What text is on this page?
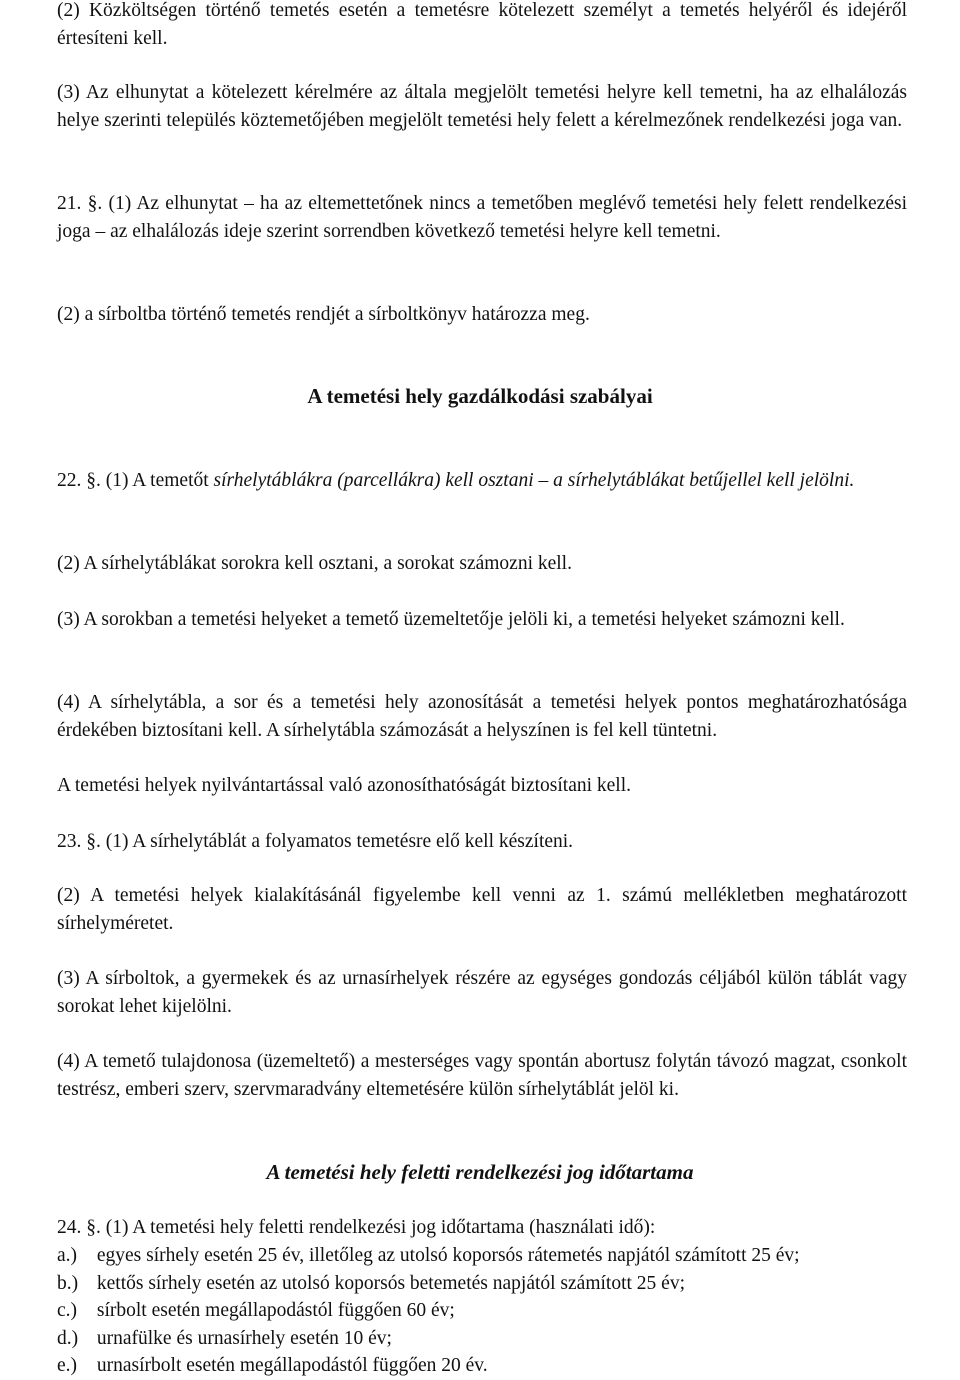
(2) Közköltségen történő temetés esetén a temetésre kötelezett személyt a temetés helyéről és idejéről értesíteni kell.

(3) Az elhunytat a kötelezett kérelmére az általa megjelölt temetési helyre kell temetni, ha az elhalálozás helye szerinti település köztemetőjében megjelölt temetési hely felett a kérelmezőnek rendelkezési joga van.

21. §. (1) Az elhunytat – ha az eltemettetőnek nincs a temetőben meglévő temetési hely felett rendelkezési joga – az elhalálozás ideje szerint sorrendben következő temetési helyre kell temetni.

(2) a sírboltba történő temetés rendjét a sírboltkönyv határozza meg.

A temetési hely gazdálkodási szabályai

22. §. (1) A temetőt sírhelytáblákra (parcellákra) kell osztani – a sírhelytáblákat betűjellel kell jelölni.

(2) A sírhelytáblákat sorokra kell osztani, a sorokat számozni kell.

(3) A sorokban a temetési helyeket a temető üzemeltetője jelöli ki, a temetési helyeket számozni kell.

(4) A sírhelytábla, a sor és a temetési hely azonosítását a temetési helyek pontos meghatározhatósága érdekében biztosítani kell. A sírhelytábla számozását a helyszínen is fel kell tüntetni.

A temetési helyek nyilvántartással való azonosíthatóságát biztosítani kell.

23. §. (1) A sírhelytáblát a folyamatos temetésre elő kell készíteni.

(2) A temetési helyek kialakításánál figyelembe kell venni az 1. számú mellékletben meghatározott sírhelyméretet.

(3) A sírboltok, a gyermekek és az urnasírhelyek részére az egységes gondozás céljából külön táblát vagy sorokat lehet kijelölni.

(4) A temető tulajdonosa (üzemeltető) a mesterséges vagy spontán abortusz folytán távozó magzat, csonkolt testrész, emberi szerv, szervmaradvány eltemetésére külön sírhelytáblát jelöl ki.

A temetési hely feletti rendelkezési jog időtartama

24. §. (1) A temetési hely feletti rendelkezési jog időtartama (használati idő):

a.) egyes sírhely esetén 25 év, illetőleg az utolsó koporsós rátemetés napjától számított 25 év;
b.) kettős sírhely esetén az utolsó koporsós betemetés napjától számított 25 év;
c.) sírbolt esetén megállapodástól függően 60 év;
d.) urnafülke és urnasírhely esetén 10 év;
e.) urnasírbolt esetén megállapodástól függően 20 év.
